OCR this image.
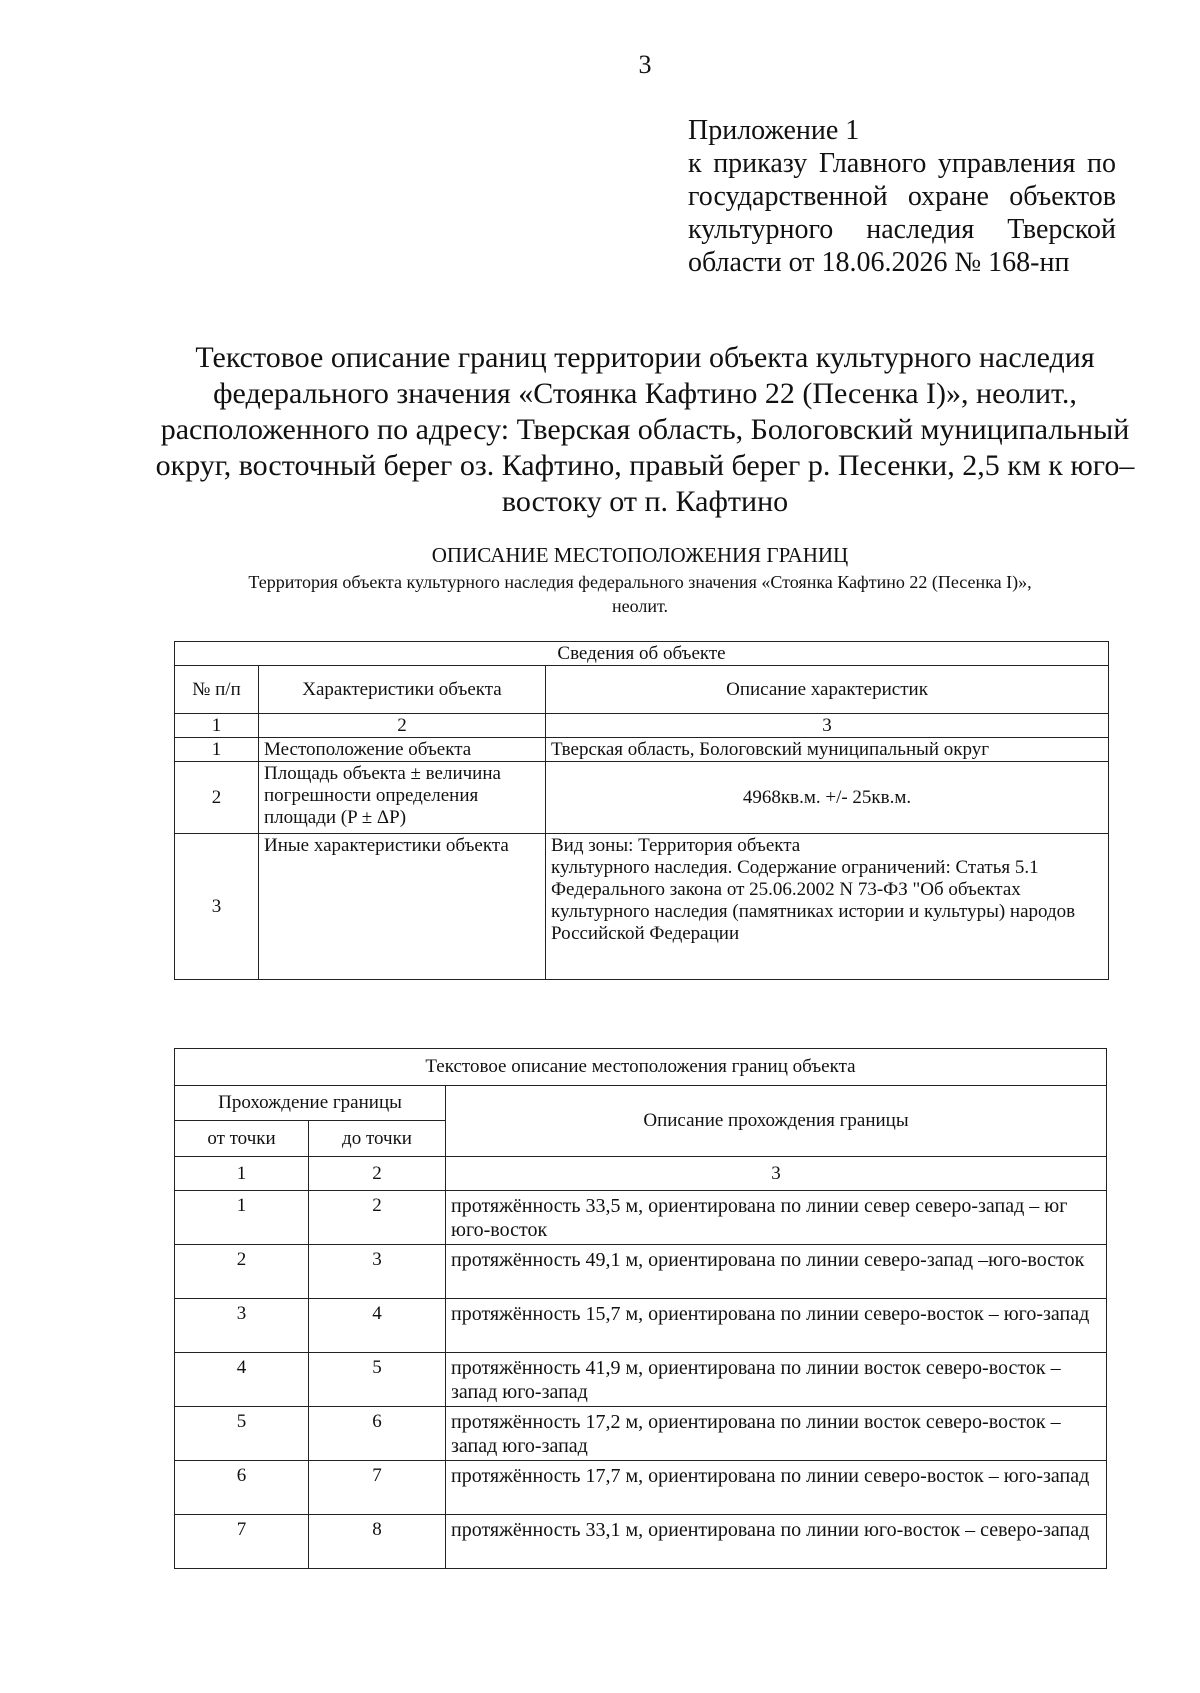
3
Приложение 1
к приказу Главного управления по
государственной охране объектов
культурного наследия Тверской
области от 18.06.2026 № 168-нп
Текстовое описание границ территории объекта культурного наследия
федерального значения «Стоянка Кафтино 22 (Песенка I)», неолит.,
расположенного по адресу: Тверская область, Бологовский муниципальный
округ, восточный берег оз. Кафтино, правый берег р. Песенки, 2,5 км к юго–
востоку от п. Кафтино
ОПИСАНИЕ МЕСТОПОЛОЖЕНИЯ ГРАНИЦ
Территория объекта культурного наследия федерального значения «Стоянка Кафтино 22 (Песенка I)»,
неолит.
Сведения об объекте		
№ п/п	Характеристики объекта	Описание характеристик
1	2	3
1	Местоположение объекта	Тверская область, Бологовский муниципальный округ
2	Площадь объекта ± величина погрешности определения площади (P ± ΔP)	4968кв.м. +/- 25кв.м.
3	Иные характеристики объекта	Вид зоны: Территория объекта
культурного наследия. Содержание ограничений: Статья 5.1 Федерального закона от 25.06.2002 N 73-ФЗ "Об объектах культурного наследия (памятниках истории и культуры) народов Российской Федерации
Текстовое описание местоположения границ объекта		
Прохождение границы		Описание прохождения границы
от точки	до точки	
1	2	3
1	2	протяжённость 33,5 м, ориентирована по линии север северо-запад – юг юго-восток
2	3	протяжённость 49,1 м, ориентирована по линии северо-запад –юго-восток
3	4	протяжённость 15,7 м, ориентирована по линии северо-восток – юго-запад
4	5	протяжённость 41,9 м, ориентирована по линии восток северо-восток – запад юго-запад
5	6	протяжённость 17,2 м, ориентирована по линии восток северо-восток – запад юго-запад
6	7	протяжённость 17,7 м, ориентирована по линии северо-восток – юго-запад
7	8	протяжённость 33,1 м, ориентирована по линии юго-восток – северо-запад
